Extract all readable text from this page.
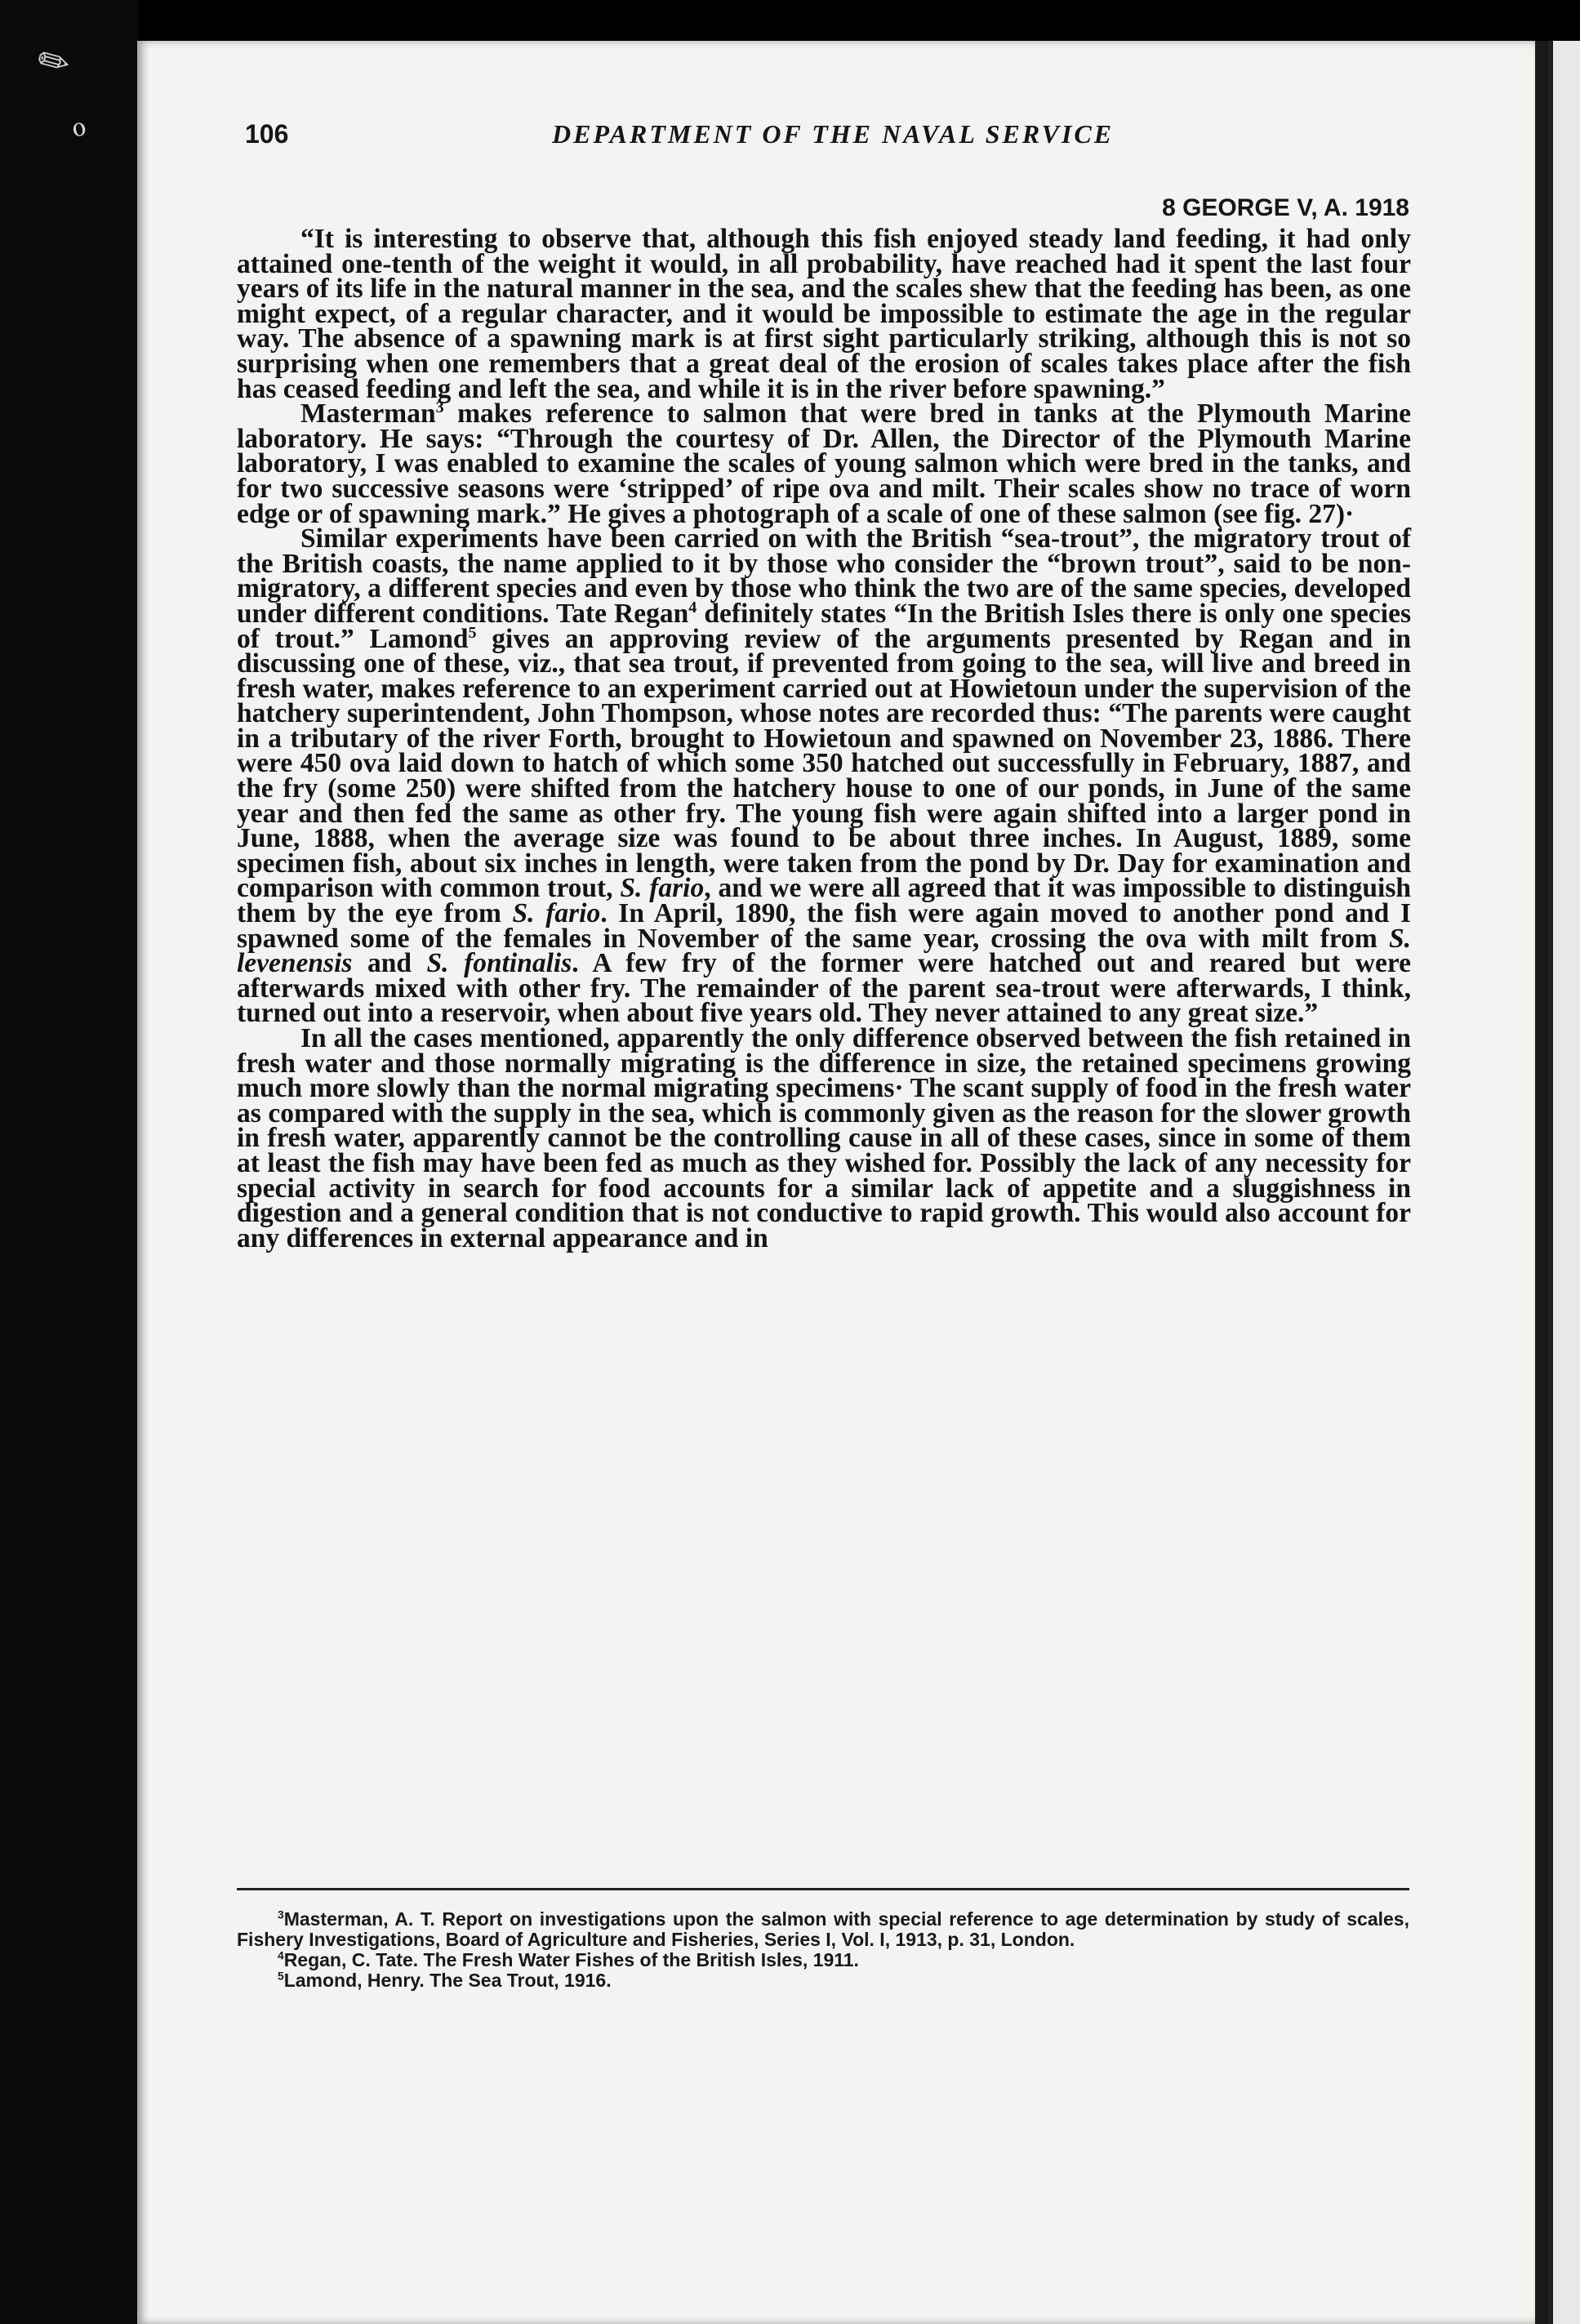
✎
ℴ	106	DEPARTMENT OF THE NAVAL SERVICE
8 GEORGE V, A. 1918

“It is interesting to observe that, although this fish enjoyed steady land feeding, it had only attained one-tenth of the weight it would, in all probability, have reached had it spent the last four years of its life in the natural manner in the sea, and the scales shew that the feeding has been, as one might expect, of a regular character, and it would be impossible to estimate the age in the regular way. The absence of a spawning mark is at first sight particularly striking, although this is not so surprising when one remembers that a great deal of the erosion of scales takes place after the fish has ceased feeding and left the sea, and while it is in the river before spawning.”

Masterman$^3$ makes reference to salmon that were bred in tanks at the Plymouth Marine laboratory. He says: “Through the courtesy of Dr. Allen, the Director of the Plymouth Marine laboratory, I was enabled to examine the scales of young salmon which were bred in the tanks, and for two successive seasons were ‘stripped’ of ripe ova and milt. Their scales show no trace of worn edge or of spawning mark.” He gives a photograph of a scale of one of these salmon (see fig. 27)·

Similar experiments have been carried on with the British “sea-trout”, the migratory trout of the British coasts, the name applied to it by those who consider the “brown trout”, said to be non-migratory, a different species and even by those who think the two are of the same species, developed under different conditions. Tate Regan$^4$ definitely states “In the British Isles there is only one species of trout.” Lamond$^5$ gives an approving review of the arguments presented by Regan and in discussing one of these, viz., that sea trout, if prevented from going to the sea, will live and breed in fresh water, makes reference to an experiment carried out at Howietoun under the supervision of the hatchery superintendent, John Thompson, whose notes are recorded thus: “The parents were caught in a tributary of the river Forth, brought to Howietoun and spawned on November 23, 1886. There were 450 ova laid down to hatch of which some 350 hatched out successfully in February, 1887, and the fry (some 250) were shifted from the hatchery house to one of our ponds, in June of the same year and then fed the same as other fry. The young fish were again shifted into a larger pond in June, 1888, when the average size was found to be about three inches. In August, 1889, some specimen fish, about six inches in length, were taken from the pond by Dr. Day for examination and comparison with common trout, S. fario, and we were all agreed that it was impossible to distinguish them by the eye from S. fario. In April, 1890, the fish were again moved to another pond and I spawned some of the females in November of the same year, crossing the ova with milt from S. levenensis and S. fontinalis. A few fry of the former were hatched out and reared but were afterwards mixed with other fry. The remainder of the parent sea-trout were afterwards, I think, turned out into a reservoir, when about five years old. They never attained to any great size.”

In all the cases mentioned, apparently the only difference observed between the fish retained in fresh water and those normally migrating is the difference in size, the retained specimens growing much more slowly than the normal migrating specimens· The scant supply of food in the fresh water as compared with the supply in the sea, which is commonly given as the reason for the slower growth in fresh water, apparently cannot be the controlling cause in all of these cases, since in some of them at least the fish may have been fed as much as they wished for. Possibly the lack of any necessity for special activity in search for food accounts for a similar lack of appetite and a sluggishness in digestion and a general condition that is not conductive to rapid growth. This would also account for any differences in external appearance and in

$^3$Masterman, A. T. Report on investigations upon the salmon with special reference to age determination by study of scales, Fishery Investigations, Board of Agriculture and Fisheries, Series I, Vol. I, 1913, p. 31, London.

$^4$Regan, C. Tate. The Fresh Water Fishes of the British Isles, 1911.

$^5$Lamond, Henry. The Sea Trout, 1916.
